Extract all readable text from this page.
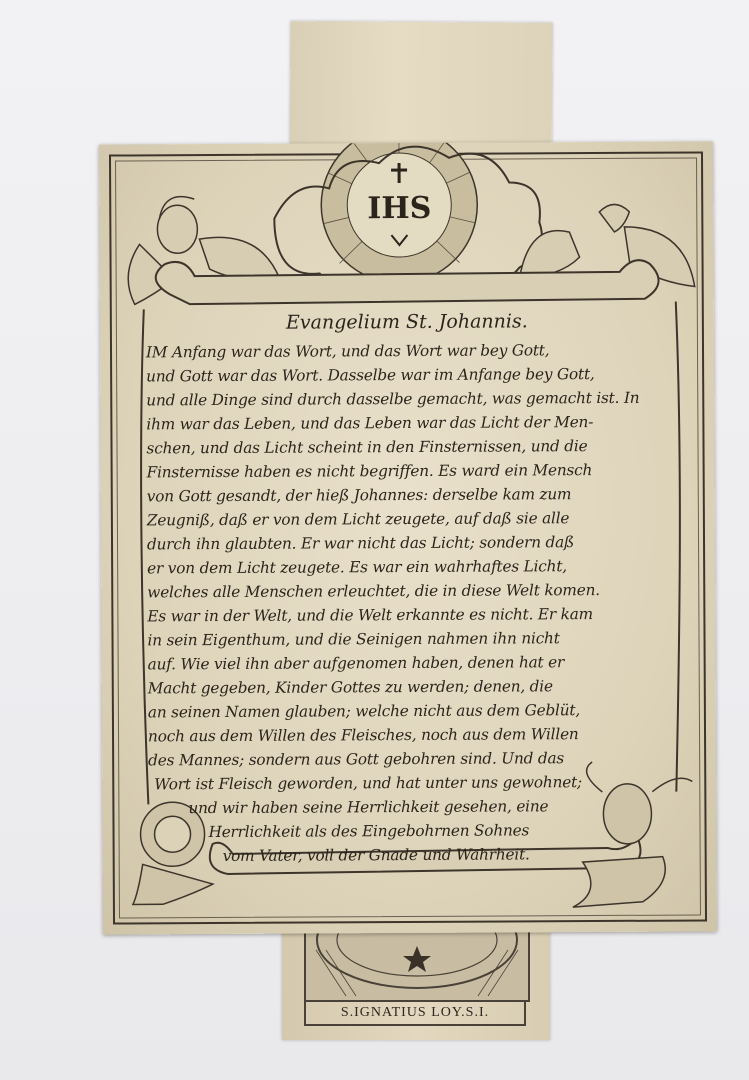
S.IGNATIUS LOY.S.I.
IHS
Evangelium St. Johannis.
IM Anfang war das Wort, und das Wort war bey Gott,
und Gott war das Wort. Dasselbe war im Anfange bey Gott,
und alle Dinge sind durch dasselbe gemacht, was gemacht ist. In
ihm war das Leben, und das Leben war das Licht der Men-
schen, und das Licht scheint in den Finsternissen, und die
Finsternisse haben es nicht begriffen. Es ward ein Mensch
von Gott gesandt, der hieß Johannes: derselbe kam zum
Zeugniß, daß er von dem Licht zeugete, auf daß sie alle
durch ihn glaubten. Er war nicht das Licht; sondern daß
er von dem Licht zeugete. Es war ein wahrhaftes Licht,
welches alle Menschen erleuchtet, die in diese Welt komen.
Es war in der Welt, und die Welt erkannte es nicht. Er kam
in sein Eigenthum, und die Seinigen nahmen ihn nicht
auf. Wie viel ihn aber aufgenomen haben, denen hat er
Macht gegeben, Kinder Gottes zu werden; denen, die
an seinen Namen glauben; welche nicht aus dem Geblüt,
noch aus dem Willen des Fleisches, noch aus dem Willen
des Mannes; sondern aus Gott gebohren sind. Und das
Wort ist Fleisch geworden, und hat unter uns gewohnet;
und wir haben seine Herrlichkeit gesehen, eine
Herrlichkeit als des Eingebohrnen Sohnes
vom Vater, voll der Gnade und Wahrheit.
